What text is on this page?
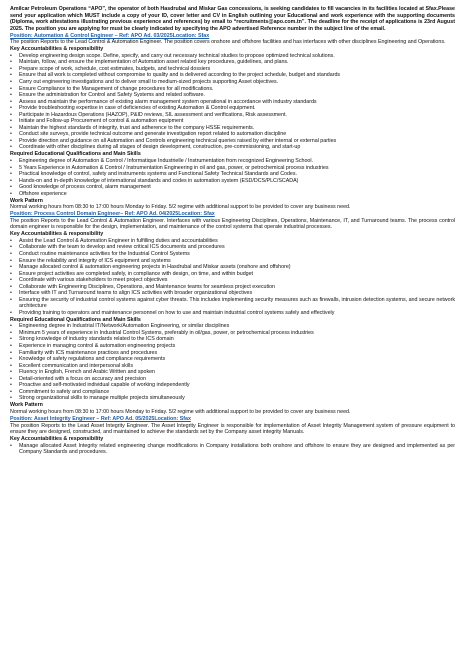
Amilcar Petroleum Operations “APO”, the operator of both Hasdrubal and Miskar Gas concessions, is seeking candidates to fill vacancies in its facilities located at Sfax.Please send your application which MUST include a copy of your ID, cover letter and CV in English outlining your Educational and work experience with the supporting documents (Diploma, work attestations illustrating previous experience and references) by email to “recruitments@apo.com.tn”. The deadline for the receipt of applications is 23rd August 2025. The position you are applying for must be clearly indicated by specifying the APO advertised Reference number in the subject line of the email.

Position: Automation & Control Engineer – Ref: APO Ad. 03/2025Location: Sfax

The position Reports to the Lead Control & Automation Engineer. The position covers onshore and offshore facilities and has interfaces with other disciplines Engineering and Operations.

Key Accountabilities & responsibility

• Develop engineering design scope. Define, specify, and carry out necessary technical studies to propose optimized technical solutions.
• Maintain, follow, and ensure the implementation of Automation asset related key procedures, guidelines, and plans.
• Prepare scope of work, schedule, cost estimates, budgets, and technical dossiers
• Ensure that all work is completed without compromise to quality and is delivered according to the project schedule, budget and standards
• Carry out engineering investigations and to deliver small to medium-sized projects supporting Asset objectives.
• Ensure Compliance to the Management of change procedures for all modifications.
• Ensure the administration for Control and Safety Systems and related software.
• Assess and maintain the performance of existing alarm management system operational in accordance with industry standards
• Provide troubleshooting expertise in case of deficiencies of existing Automation & Control equipment.
• Participate in Hazardous Operations (HAZOP), P&ID reviews, SIL assessment and verifications, Risk assessment.
• Initiate and Follow-up Procurement of control & automation equipment
• Maintain the highest standards of integrity, trust and adherence to the company HSSE requirements.
• Conduct site surveys, provide technical outcome and generate investigation report related to automation discipline
• Provide direction and guidance on all Automation and Controls engineering technical queries raised by either internal or external parties
• Coordinate with other disciplines during all stages of design development, construction, pre-commissioning, and start-up

Required Educational Qualifications and Main Skills

• Engineering degree of Automation & Control / Informatique Industrielle / Instrumentation from recognized Engineering School.
• 5 Years Experience in Automation & Control / Instrumentation Engineering in oil and gas, power, or petrochemical process industries
• Practical knowledge of control, safety and instruments systems and Functional Safety Technical Standards and Codes.
• Hands-on and in-depth knowledge of international standards and codes in automation system (ESD/DCS/PLC/SCADA)
• Good knowledge of process control, alarm management
• Offshore experience

Work Pattern

Normal working hours from 08:30 to 17:00 hours Monday to Friday. 5/2 regime with additional support to be provided to cover any business need.

Position: Process Control Domain Engineer– Ref: APO Ad. 04/2025Location: Sfax

The position Reports to the Lead Control & Automation Engineer. Interfaces with various Engineering Disciplines, Operations, Maintenance, IT, and Turnaround teams. The process control domain engineer is responsible for the design, implementation, and maintenance of the control systems that operate industrial processes.

Key Accountabilities & responsibility

• Assist the Lead Control & Automation Engineer in fulfilling duties and accountabilities
• Collaborate with the team to develop and review critical ICS documents and procedures
• Conduct routine maintenance activities for the Industrial Control Systems
• Ensure the reliability and integrity of ICS equipment and systems
• Manage allocated control & automation engineering projects in Hasdrubal and Miskar assets (onshore and offshore)
• Ensure project activities are completed safely, in compliance with design, on time, and within budget
• Coordinate with various stakeholders to meet project objectives
• Collaborate with Engineering Disciplines, Operations, and Maintenance teams for seamless project execution
• Interface with IT and Turnaround teams to align ICS activities with broader organizational objectives
• Ensuring the security of industrial control systems against cyber threats. This includes implementing security measures such as firewalls, intrusion detection systems, and secure network architecture
• Providing training to operators and maintenance personnel on how to use and maintain industrial control systems safely and effectively

Required Educational Qualifications and Main Skills

• Engineering degree in Industrial IT/Network/Automation Engineering, or similar disciplines
• Minimum 5 years of experience in Industrial Control Systems, preferably in oil/gas, power, or petrochemical process industries
• Strong knowledge of industry standards related to the ICS domain
• Experience in managing control & automation engineering projects
• Familiarity with ICS maintenance practices and procedures
• Knowledge of safety regulations and compliance requirements
• Excellent communication and interpersonal skills
• Fluency in English, French and Arabic Written and spoken
• Detail-oriented with a focus on accuracy and precision
• Proactive and self-motivated individual capable of working independently
• Commitment to safety and compliance
• Strong organizational skills to manage multiple projects simultaneously

Work Pattern

Normal working hours from 08:30 to 17:00 hours Monday to Friday. 5/2 regime with additional support to be provided to cover any business need.

Position: Asset Integrity Engineer – Ref: APO Ad. 05/2025Location: Sfax

The position Reports to the Lead Asset Integrity Engineer. The Asset Integrity Engineer is responsible for implementation of Asset Integrity Management system of pressure equipment to ensure they are designed, constructed, and maintained to achieve the standards set by the Company asset integrity Manuals.

Key Accountabilities & responsibility

• Manage allocated Asset Integrity related engineering change modifications in Company installations both onshore and offshore to ensure they are designed and implemented as per Company Standards and procedures.
